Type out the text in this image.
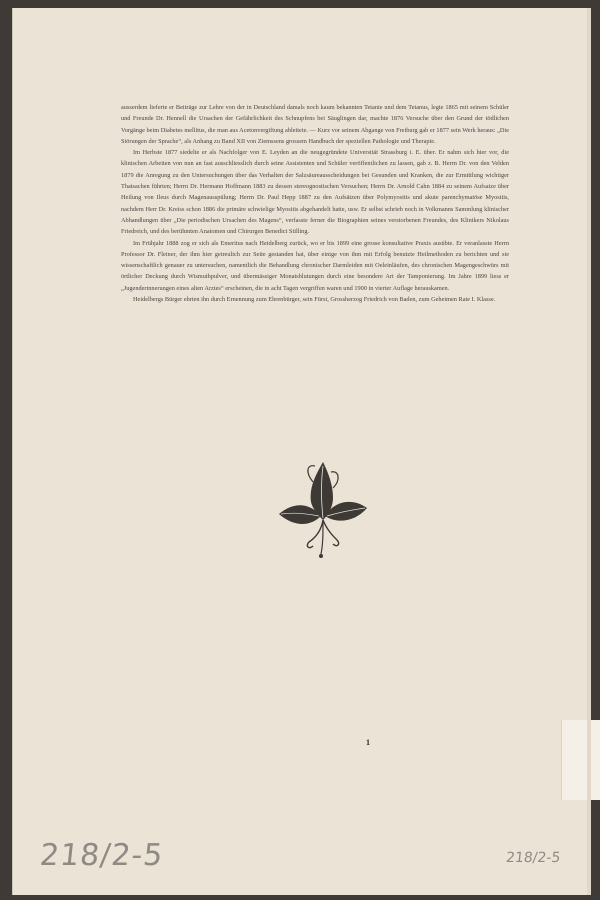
ausserdem lieferte er Beiträge zur Lehre von der in Deutschland damals noch kaum bekannten Tetanie und dem Tetanus, legte 1865 mit seinem Schüler und Freunde Dr. Hennell die Ursachen der Gefährlichkeit des Schnupfens bei Säuglingen dar, machte 1876 Versuche über den Grund der tödlichen Vorgänge beim Diabetes mellitus, die man aus Acetonvergiftung ableitete. — Kurz vor seinem Abgange von Freiburg gab er 1877 sein Werk heraus: „Die Störungen der Sprache“, als Anhang zu Band XII von Ziemssens grossem Handbuch der speziellen Pathologie und Therapie.

Im Herbste 1877 siedelte er als Nachfolger von E. Leyden an die neugegründete Universität Strassburg i. E. über. Er nahm sich hier vor, die klinischen Arbeiten von nun an fast ausschliesslich durch seine Assistenten und Schüler veröffentlichen zu lassen, gab z. B. Herrn Dr. von den Velden 1879 die Anregung zu den Untersuchungen über das Verhalten der Salzsäureausscheidungen bei Gesunden und Kranken, die zur Ermittlung wichtiger Thatsachen führten; Herrn Dr. Hermann Hoffmann 1883 zu dessen stereognostischen Versuchen; Herrn Dr. Arnold Cahn 1884 zu seinem Aufsatze über Heilung von Ileus durch Magenausspülung; Herrn Dr. Paul Hepp 1887 zu den Aufsätzen über Polymyositis und akute parenchymatöse Myositis, nachdem Herr Dr. Kreiss schon 1886 die primäre schwielige Myositis abgehandelt hatte, usw. Er selbst schrieb noch in Volkmanns Sammlung klinischer Abhandlungen über „Die periodischen Ursachen des Magens“, verfasste ferner die Biographien seines verstorbenen Freundes, des Klinikers Nikolaus Friedreich, und des berühmten Anatomen und Chirurgen Benedict Stilling.

Im Frühjahr 1888 zog er sich als Emeritus nach Heidelberg zurück, wo er bis 1899 eine grosse konsultative Praxis ausübte. Er veranlasste Herrn Professor Dr. Fleiner, der ihm hier getreulich zur Seite gestanden hat, über einige von ihm mit Erfolg benutzte Heilmethoden zu berichten und sie wissenschaftlich genauer zu untersuchen, namentlich die Behandlung chronischer Darmleiden mit Oeleinläufen, des chronischen Magengeschwürs mit örtlicher Deckung durch Wismuthpulver, und übermässiger Monatsblutungen durch eine besondere Art der Tamponierung. Im Jahre 1899 liess er „Jugenderinnerungen eines alten Arztes“ erscheinen, die in acht Tagen vergriffen waren und 1900 in vierter Auflage herauskamen.

Heidelbergs Bürger ehrten ihn durch Ernennung zum Ehrenbürger, sein Fürst, Grossherzog Friedrich von Baden, zum Geheimen Rate I. Klasse.

1
218/2-5	218/2-5
